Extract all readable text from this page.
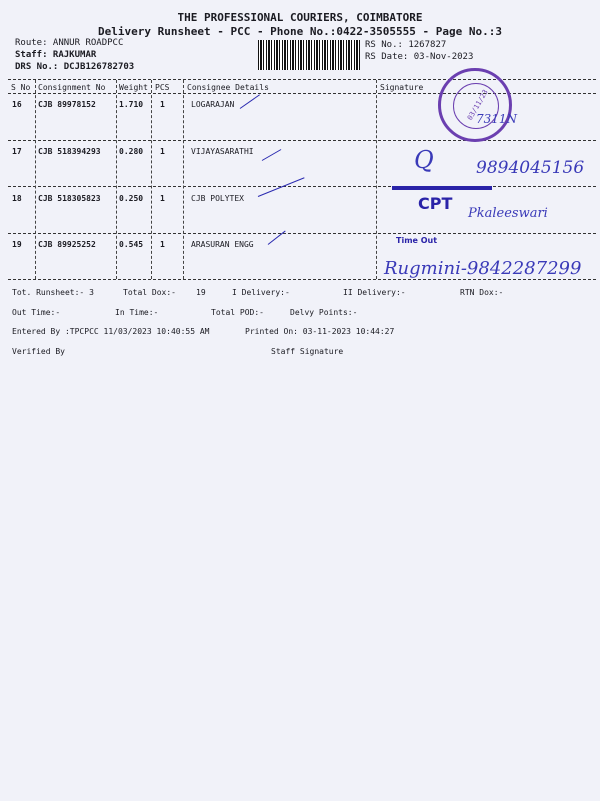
THE PROFESSIONAL COURIERS, COIMBATORE
Delivery Runsheet - PCC - Phone No.:0422-3505555 - Page No.:3
Route: ANNUR ROADPCC
Staff: RAJKUMAR
DRS No.: DCJB126782703
RS No.: 1267827
RS Date: 03-Nov-2023
S No Consignment No Weight PCS Consignee Details	Signature
16 CJB 89978152	1.710 1	LOGARAJAN
17 CJB 518394293 0.280 1	VIJAYASARATHI
18 CJB 518305823 0.250 1	CJB POLYTEX
19 CJB 89925252	0.545 1	ARASURAN ENGG
03/11/23
7311N
9894045156
Q
CPT
Pkaleeswari
Time Out
Rugmini-9842287299
Tot. Runsheet:- 3	Total Dox:-	19	I Delivery:-	II Delivery:-	RTN Dox:-
Out Time:-	In Time:-	Total POD:-	Delvy Points:-
Entered By :TPCPCC 11/03/2023 10:40:55 AM	Printed On: 03-11-2023 10:44:27
Verified By	Staff Signature
